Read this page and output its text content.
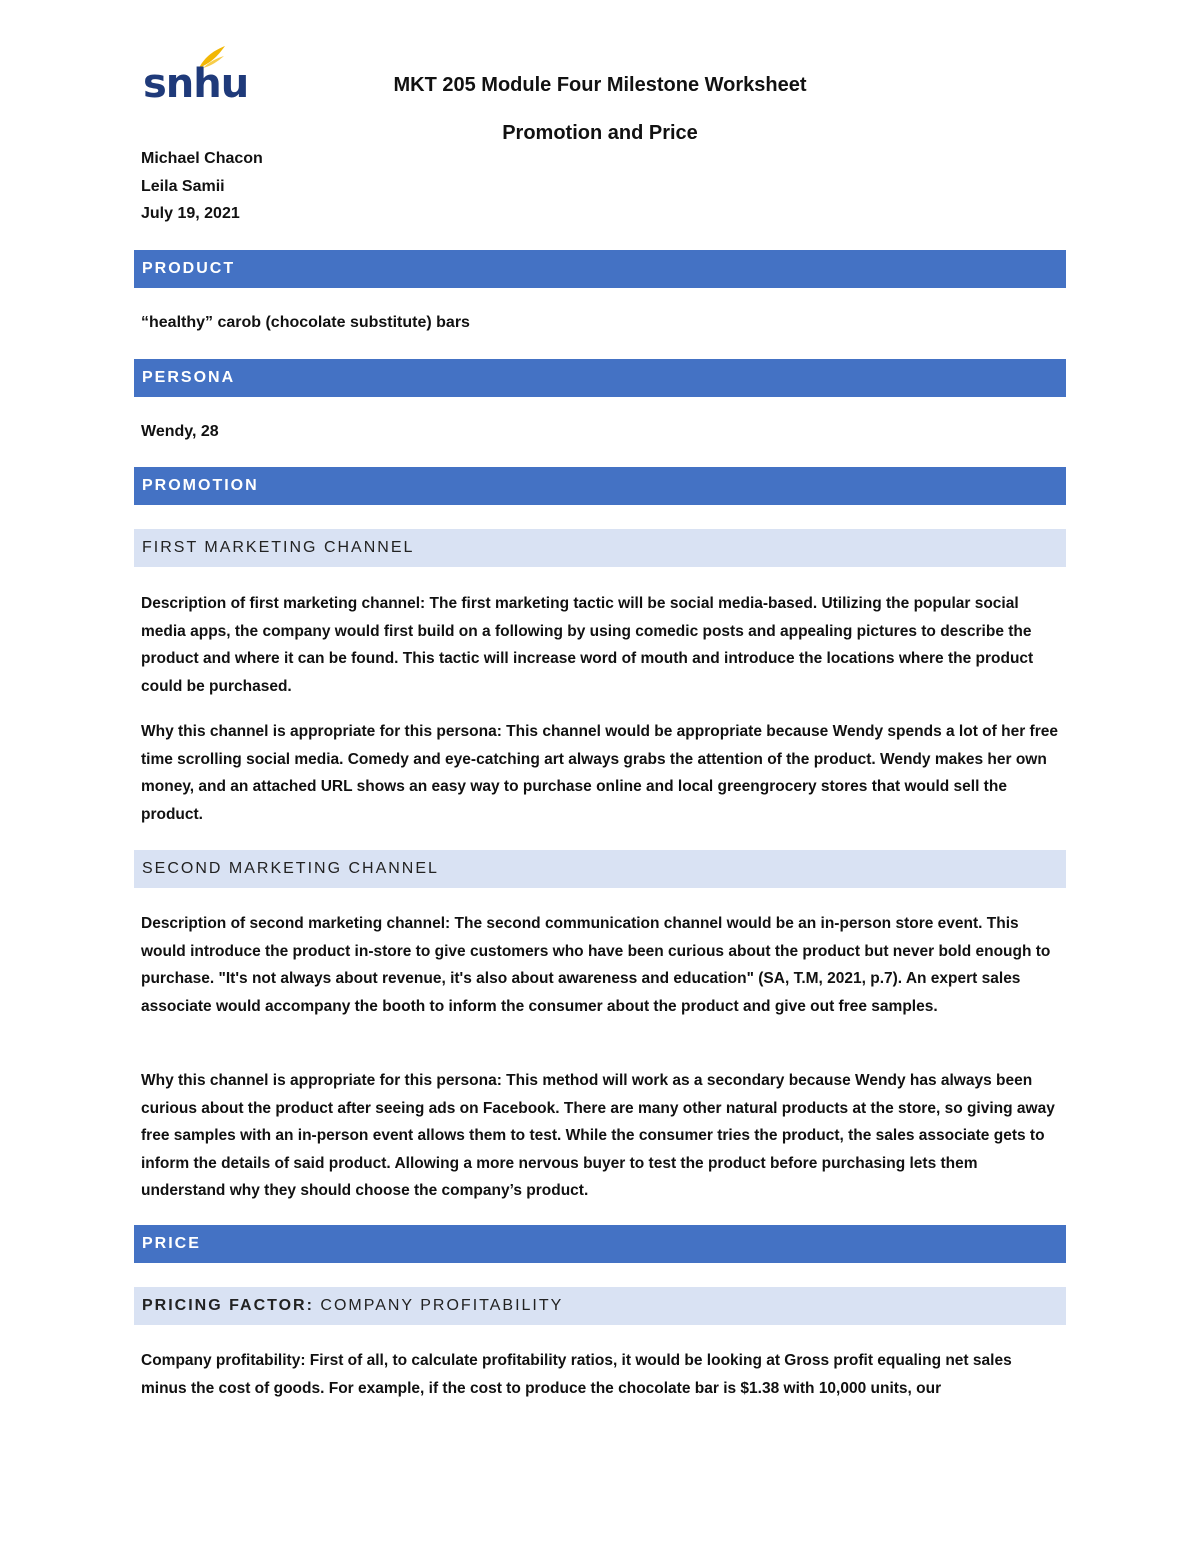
snhu	MKT 205 Module Four Milestone Worksheet
Promotion and Price
Michael Chacon
Leila Samii
July 19, 2021
PRODUCT
“healthy” carob (chocolate substitute) bars
PERSONA
Wendy, 28
PROMOTION
FIRST MARKETING CHANNEL
Description of first marketing channel: The first marketing tactic will be social media-based. Utilizing the popular social media apps, the company would first build on a following by using comedic posts and appealing pictures to describe the product and where it can be found. This tactic will increase word of mouth and introduce the locations where the product could be purchased.
Why this channel is appropriate for this persona: This channel would be appropriate because Wendy spends a lot of her free time scrolling social media. Comedy and eye-catching art always grabs the attention of the product. Wendy makes her own money, and an attached URL shows an easy way to purchase online and local greengrocery stores that would sell the product.
SECOND MARKETING CHANNEL
Description of second marketing channel: The second communication channel would be an in-person store event. This would introduce the product in-store to give customers who have been curious about the product but never bold enough to purchase. "It's not always about revenue, it's also about awareness and education" (SA, T.M, 2021, p.7). An expert sales associate would accompany the booth to inform the consumer about the product and give out free samples.
Why this channel is appropriate for this persona: This method will work as a secondary because Wendy has always been curious about the product after seeing ads on Facebook. There are many other natural products at the store, so giving away free samples with an in-person event allows them to test. While the consumer tries the product, the sales associate gets to inform the details of said product. Allowing a more nervous buyer to test the product before purchasing lets them understand why they should choose the company’s product.
PRICE
PRICING FACTOR: COMPANY PROFITABILITY
Company profitability: First of all, to calculate profitability ratios, it would be looking at Gross profit equaling net sales minus the cost of goods. For example, if the cost to produce the chocolate bar is $1.38 with 10,000 units, our
